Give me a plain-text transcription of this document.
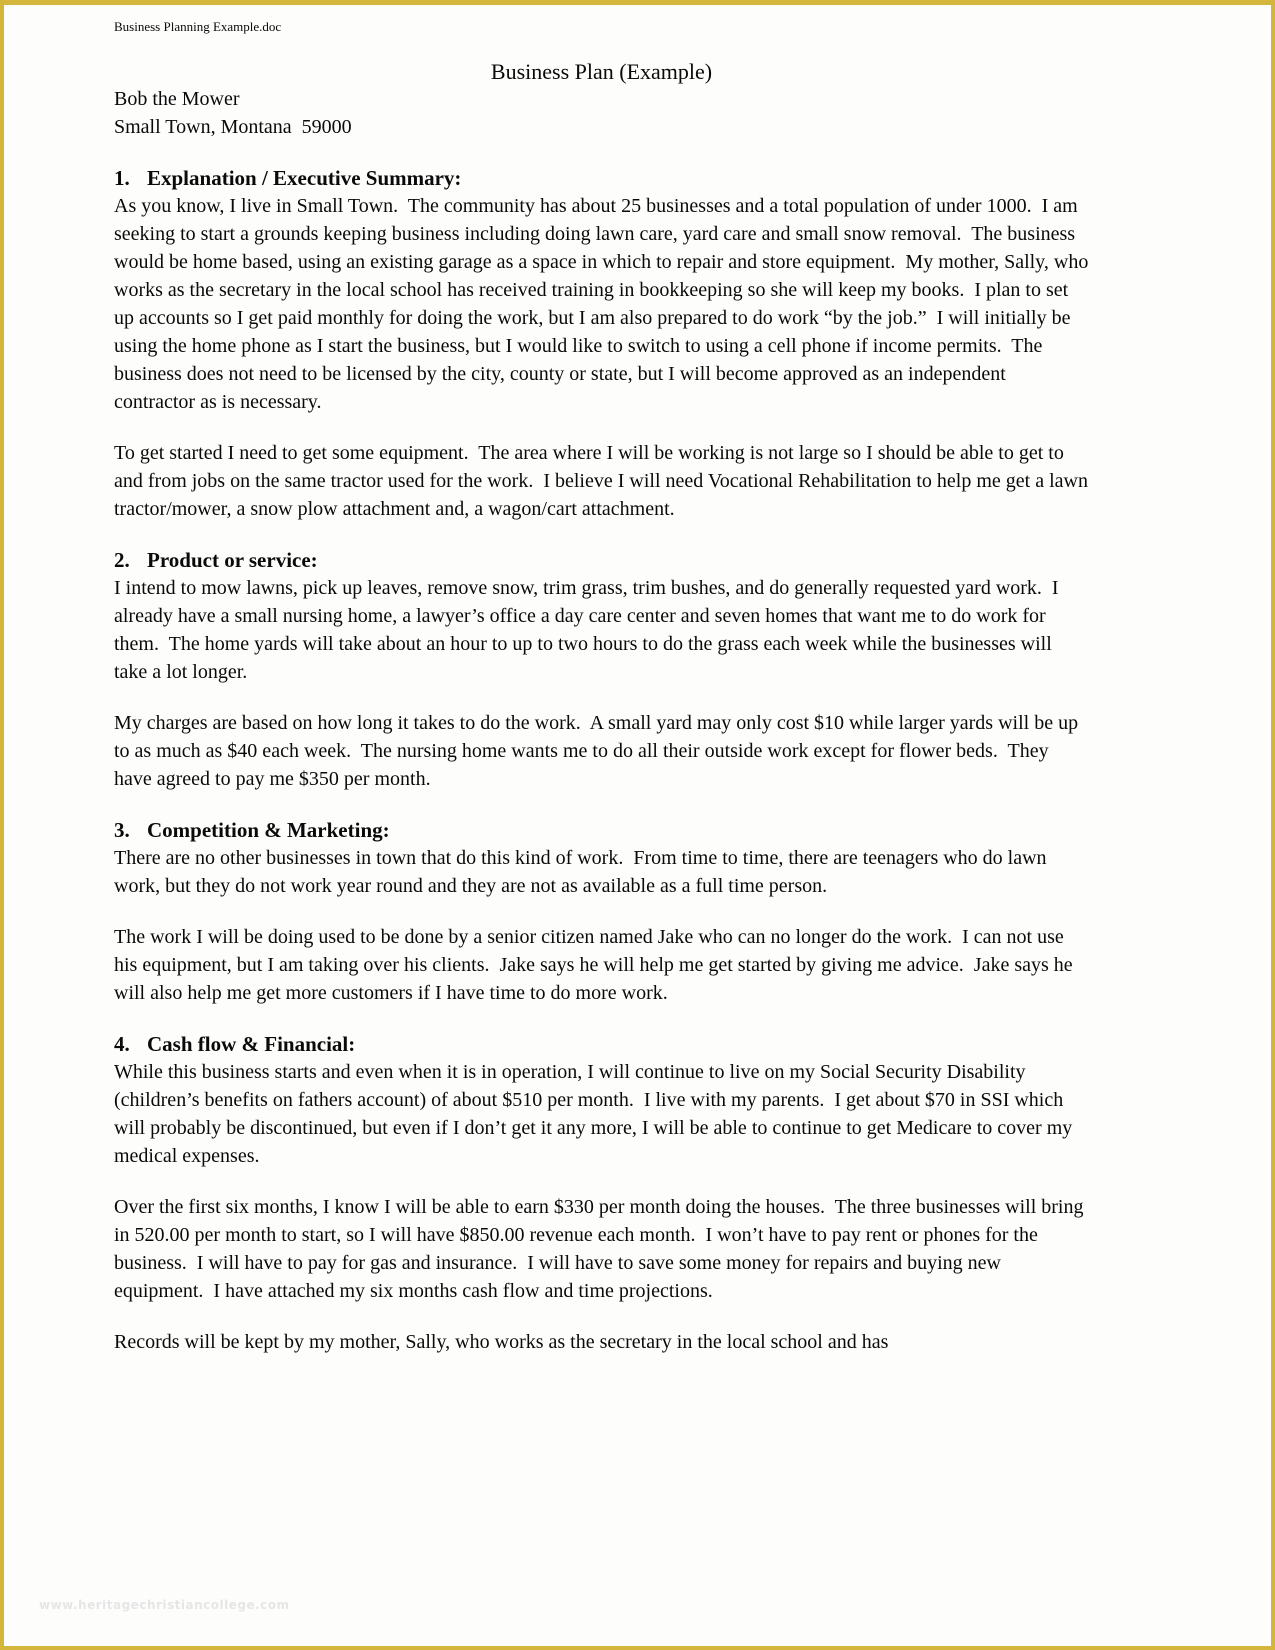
Business Planning Example.doc
Business Plan (Example)
Bob the Mower
Small Town, Montana  59000
1. Explanation / Executive Summary:

As you know, I live in Small Town.  The community has about 25 businesses and a total population of under 1000.  I am seeking to start a grounds keeping business including doing lawn care, yard care and small snow removal.  The business would be home based, using an existing garage as a space in which to repair and store equipment.  My mother, Sally, who works as the secretary in the local school has received training in bookkeeping so she will keep my books.  I plan to set up accounts so I get paid monthly for doing the work, but I am also prepared to do work “by the job.”  I will initially be using the home phone as I start the business, but I would like to switch to using a cell phone if income permits.  The business does not need to be licensed by the city, county or state, but I will become approved as an independent contractor as is necessary.

To get started I need to get some equipment.  The area where I will be working is not large so I should be able to get to and from jobs on the same tractor used for the work.  I believe I will need Vocational Rehabilitation to help me get a lawn tractor/mower, a snow plow attachment and, a wagon/cart attachment.

2. Product or service:

I intend to mow lawns, pick up leaves, remove snow, trim grass, trim bushes, and do generally requested yard work.  I already have a small nursing home, a lawyer’s office a day care center and seven homes that want me to do work for them.  The home yards will take about an hour to up to two hours to do the grass each week while the businesses will take a lot longer.

My charges are based on how long it takes to do the work.  A small yard may only cost $10 while larger yards will be up to as much as $40 each week.  The nursing home wants me to do all their outside work except for flower beds.  They have agreed to pay me $350 per month.

3. Competition & Marketing:

There are no other businesses in town that do this kind of work.  From time to time, there are teenagers who do lawn work, but they do not work year round and they are not as available as a full time person.

The work I will be doing used to be done by a senior citizen named Jake who can no longer do the work.  I can not use his equipment, but I am taking over his clients.  Jake says he will help me get started by giving me advice.  Jake says he will also help me get more customers if I have time to do more work.

4. Cash flow & Financial:

While this business starts and even when it is in operation, I will continue to live on my Social Security Disability (children’s benefits on fathers account) of about $510 per month.  I live with my parents.  I get about $70 in SSI which will probably be discontinued, but even if I don’t get it any more, I will be able to continue to get Medicare to cover my medical expenses.

Over the first six months, I know I will be able to earn $330 per month doing the houses.  The three businesses will bring in 520.00 per month to start, so I will have $850.00 revenue each month.  I won’t have to pay rent or phones for the business.  I will have to pay for gas and insurance.  I will have to save some money for repairs and buying new equipment.  I have attached my six months cash flow and time projections.

Records will be kept by my mother, Sally, who works as the secretary in the local school and has

www.heritagechristiancollege.com
